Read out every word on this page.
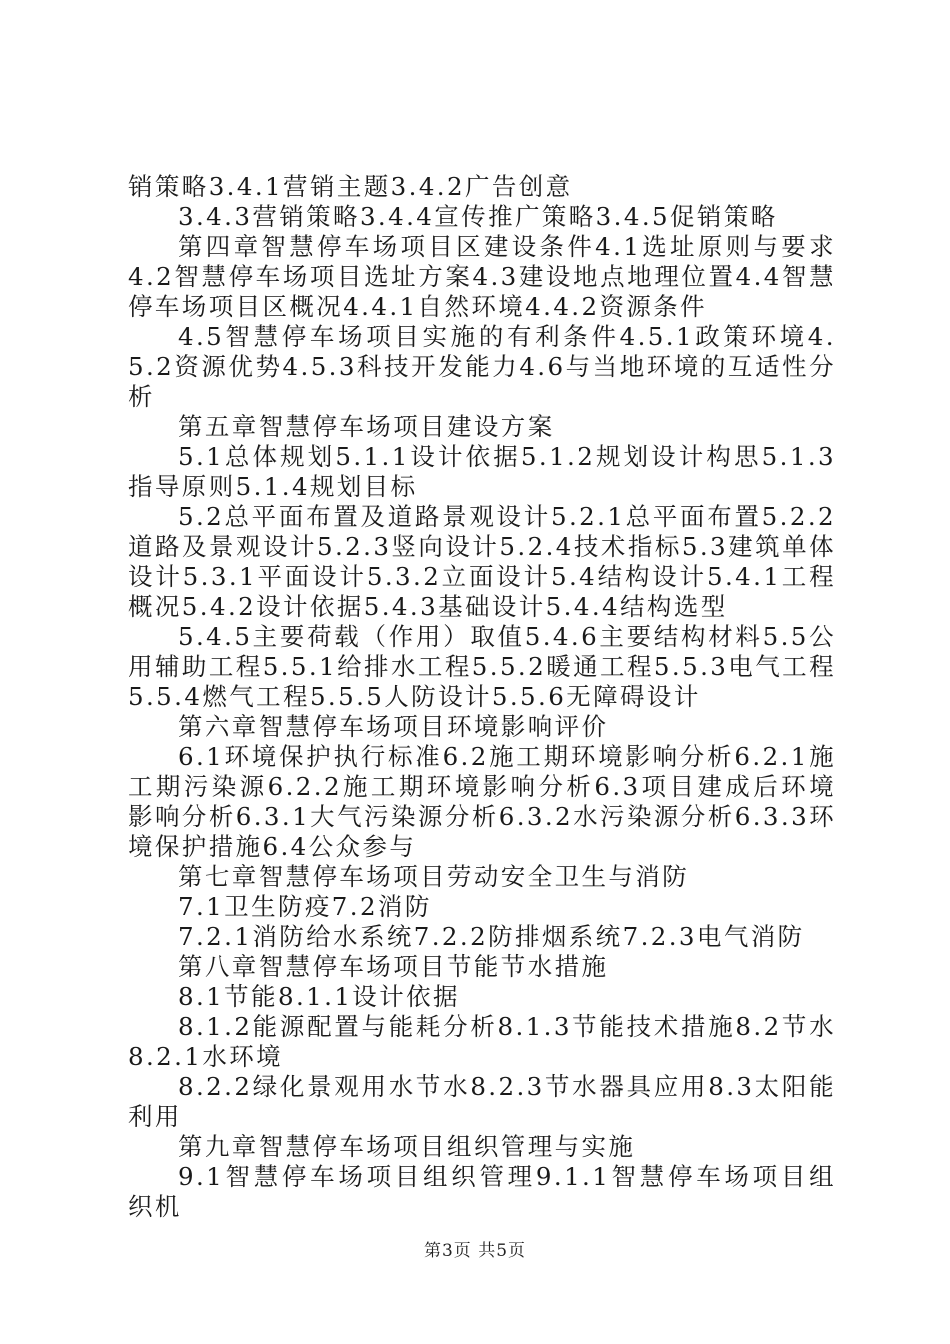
销策略3.4.1营销主题3.4.2广告创意

3.4.3营销策略3.4.4宣传推广策略3.4.5促销策略

第四章智慧停车场项目区建设条件4.1选址原则与要求4.2智慧停车场项目选址方案4.3建设地点地理位置4.4智慧停车场项目区概况4.4.1自然环境4.4.2资源条件

4.5智慧停车场项目实施的有利条件4.5.1政策环境4.5.2资源优势4.5.3科技开发能力4.6与当地环境的互适性分析

第五章智慧停车场项目建设方案

5.1总体规划5.1.1设计依据5.1.2规划设计构思5.1.3指导原则5.1.4规划目标

5.2总平面布置及道路景观设计5.2.1总平面布置5.2.2道路及景观设计5.2.3竖向设计5.2.4技术指标5.3建筑单体设计5.3.1平面设计5.3.2立面设计5.4结构设计5.4.1工程概况5.4.2设计依据5.4.3基础设计5.4.4结构选型

5.4.5主要荷载（作用）取值5.4.6主要结构材料5.5公用辅助工程5.5.1给排水工程5.5.2暖通工程5.5.3电气工程5.5.4燃气工程5.5.5人防设计5.5.6无障碍设计

第六章智慧停车场项目环境影响评价

6.1环境保护执行标准6.2施工期环境影响分析6.2.1施工期污染源6.2.2施工期环境影响分析6.3项目建成后环境影响分析6.3.1大气污染源分析6.3.2水污染源分析6.3.3环境保护措施6.4公众参与

第七章智慧停车场项目劳动安全卫生与消防

7.1卫生防疫7.2消防

7.2.1消防给水系统7.2.2防排烟系统7.2.3电气消防

第八章智慧停车场项目节能节水措施

8.1节能8.1.1设计依据

8.1.2能源配置与能耗分析8.1.3节能技术措施8.2节水8.2.1水环境

8.2.2绿化景观用水节水8.2.3节水器具应用8.3太阳能利用

第九章智慧停车场项目组织管理与实施

9.1智慧停车场项目组织管理9.1.1智慧停车场项目组织机

第3页 共5页
